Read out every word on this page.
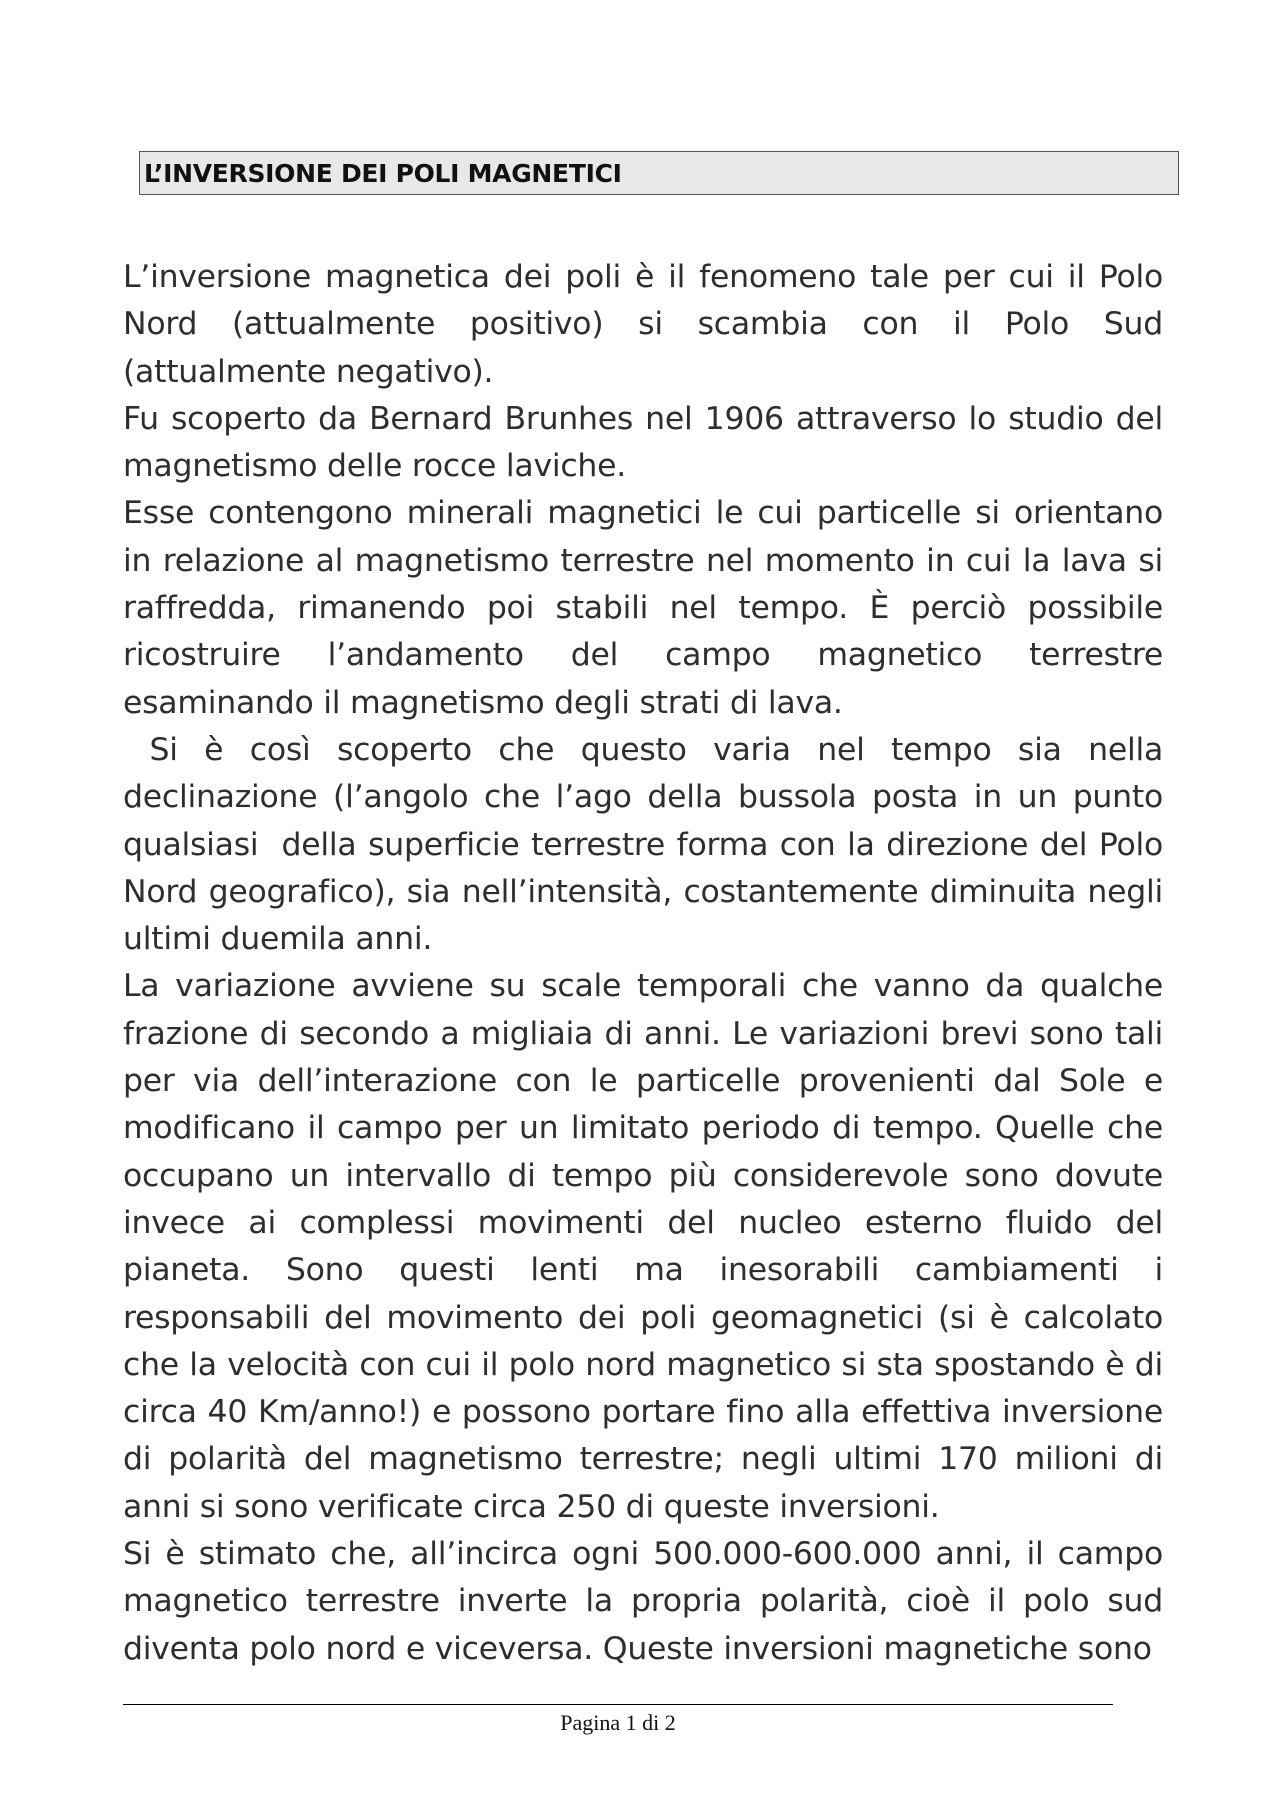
L’INVERSIONE DEI POLI MAGNETICI

L’inversione magnetica dei poli è il fenomeno tale per cui il Polo Nord (attualmente positivo) si scambia con il Polo Sud (attualmente negativo).

Fu scoperto da Bernard Brunhes nel 1906 attraverso lo studio del magnetismo delle rocce laviche.

Esse contengono minerali magnetici le cui particelle si orientano in relazione al magnetismo terrestre nel momento in cui la lava si raffredda, rimanendo poi stabili nel tempo. È perciò possibile ricostruire l’andamento del campo magnetico terrestre esaminando il magnetismo degli strati di lava.

Si è così scoperto che questo varia nel tempo sia nella declinazione (l’angolo che l’ago della bussola posta in un punto qualsiasi  della superficie terrestre forma con la direzione del Polo Nord geografico), sia nell’intensità, costantemente diminuita negli ultimi duemila anni.

La variazione avviene su scale temporali che vanno da qualche frazione di secondo a migliaia di anni. Le variazioni brevi sono tali per via dell’interazione con le particelle provenienti dal Sole e modificano il campo per un limitato periodo di tempo. Quelle che occupano un intervallo di tempo più considerevole sono dovute invece ai complessi movimenti del nucleo esterno fluido del pianeta. Sono questi lenti ma inesorabili cambiamenti i responsabili del movimento dei poli geomagnetici (si è calcolato che la velocità con cui il polo nord magnetico si sta spostando è di circa 40 Km/anno!) e possono portare fino alla effettiva inversione di polarità del magnetismo terrestre; negli ultimi 170 milioni di anni si sono verificate circa 250 di queste inversioni.

Si è stimato che, all’incirca ogni 500.000-600.000 anni, il campo magnetico terrestre inverte la propria polarità, cioè il polo sud diventa polo nord e viceversa. Queste inversioni magnetiche sono

Pagina 1 di 2
